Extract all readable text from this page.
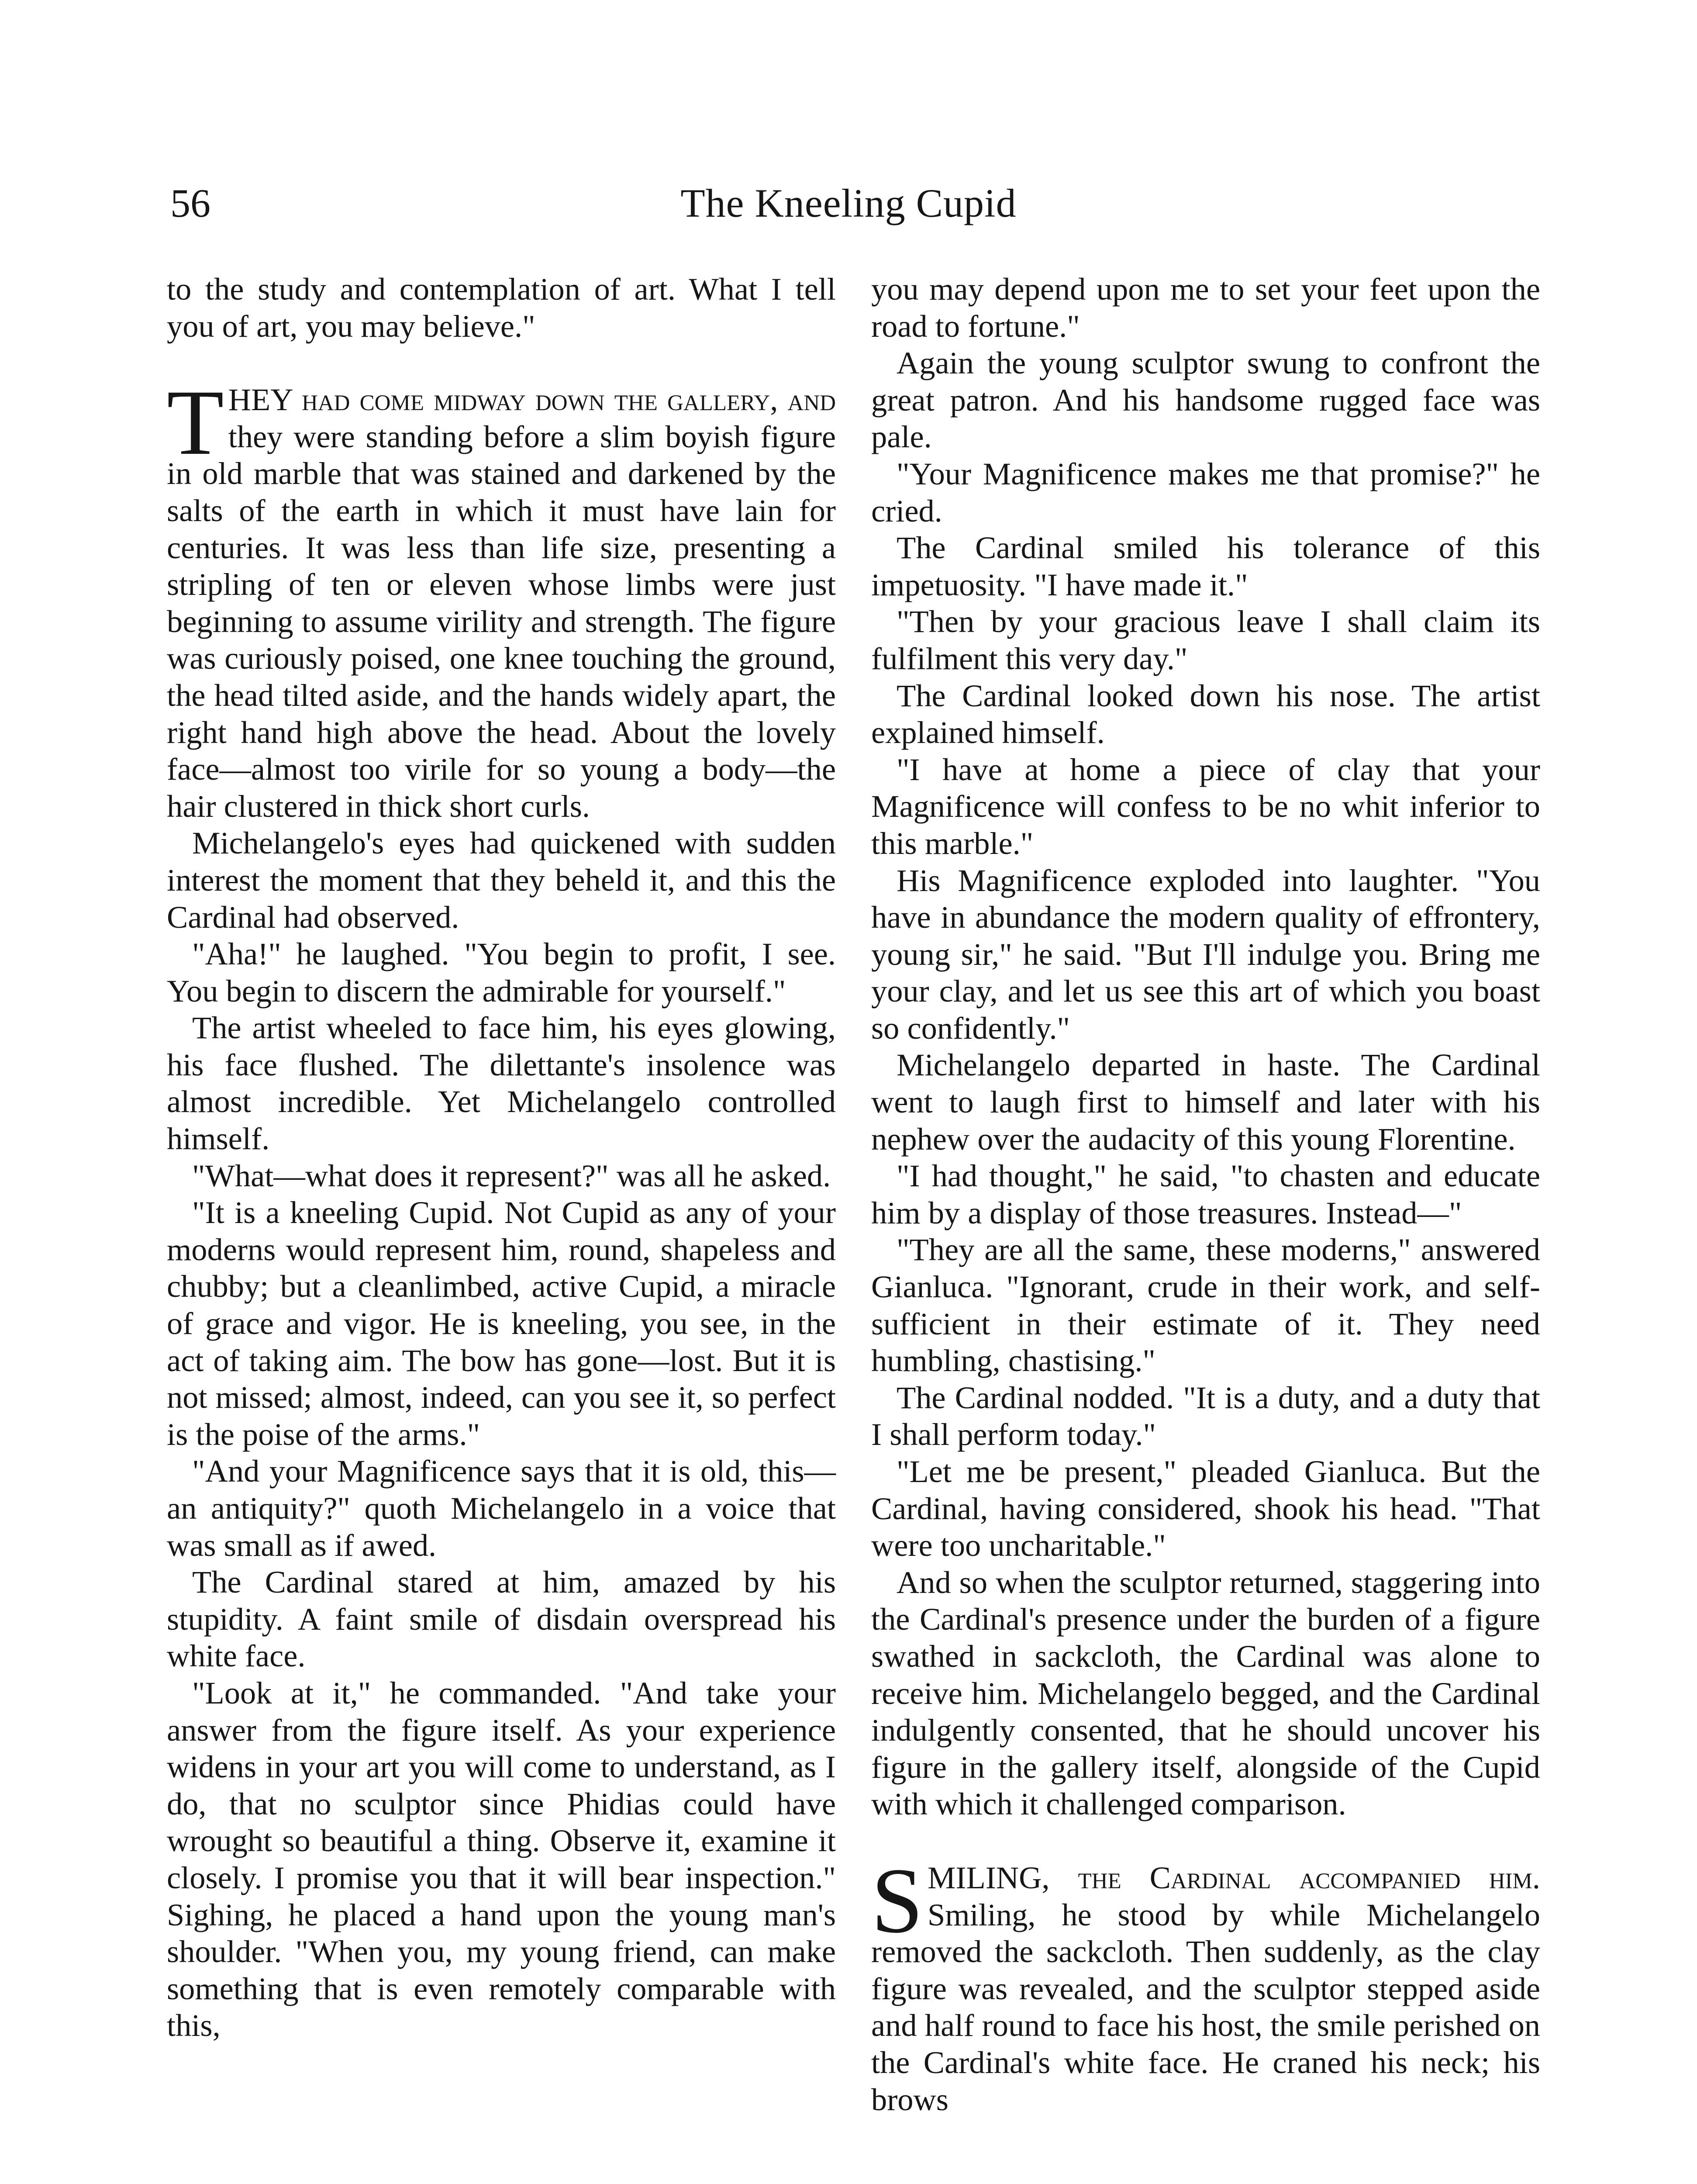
56	The Kneeling Cupid

to the study and contemplation of art. What I tell you of art, you may believe."

THEY had come midway down the gallery, and they were standing before a slim boyish figure in old marble that was stained and darkened by the salts of the earth in which it must have lain for centuries. It was less than life size, presenting a stripling of ten or eleven whose limbs were just beginning to assume virility and strength. The figure was curiously poised, one knee touching the ground, the head tilted aside, and the hands widely apart, the right hand high above the head. About the lovely face—almost too virile for so young a body—the hair clustered in thick short curls.

Michelangelo's eyes had quickened with sudden interest the moment that they beheld it, and this the Cardinal had observed.

"Aha!" he laughed. "You begin to profit, I see. You begin to discern the admirable for yourself."

The artist wheeled to face him, his eyes glowing, his face flushed. The dilettante's insolence was almost incredible. Yet Michelangelo controlled himself.

"What—what does it represent?" was all he asked.

"It is a kneeling Cupid. Not Cupid as any of your moderns would represent him, round, shapeless and chubby; but a cleanlimbed, active Cupid, a miracle of grace and vigor. He is kneeling, you see, in the act of taking aim. The bow has gone—lost. But it is not missed; almost, indeed, can you see it, so perfect is the poise of the arms."

"And your Magnificence says that it is old, this—an antiquity?" quoth Michelangelo in a voice that was small as if awed.

The Cardinal stared at him, amazed by his stupidity. A faint smile of disdain overspread his white face.

"Look at it," he commanded. "And take your answer from the figure itself. As your experience widens in your art you will come to understand, as I do, that no sculptor since Phidias could have wrought so beautiful a thing. Observe it, examine it closely. I promise you that it will bear inspection." Sighing, he placed a hand upon the young man's shoulder. "When you, my young friend, can make something that is even remotely comparable with this,

you may depend upon me to set your feet upon the road to fortune."

Again the young sculptor swung to confront the great patron. And his handsome rugged face was pale.

"Your Magnificence makes me that promise?" he cried.

The Cardinal smiled his tolerance of this impetuosity. "I have made it."

"Then by your gracious leave I shall claim its fulfilment this very day."

The Cardinal looked down his nose. The artist explained himself.

"I have at home a piece of clay that your Magnificence will confess to be no whit inferior to this marble."

His Magnificence exploded into laughter. "You have in abundance the modern quality of effrontery, young sir," he said. "But I'll indulge you. Bring me your clay, and let us see this art of which you boast so confidently."

Michelangelo departed in haste. The Cardinal went to laugh first to himself and later with his nephew over the audacity of this young Florentine.

"I had thought," he said, "to chasten and educate him by a display of those treasures. Instead—"

"They are all the same, these moderns," answered Gianluca. "Ignorant, crude in their work, and self-sufficient in their estimate of it. They need humbling, chastising."

The Cardinal nodded. "It is a duty, and a duty that I shall perform today."

"Let me be present," pleaded Gianluca. But the Cardinal, having considered, shook his head. "That were too uncharitable."

And so when the sculptor returned, staggering into the Cardinal's presence under the burden of a figure swathed in sackcloth, the Cardinal was alone to receive him. Michelangelo begged, and the Cardinal indulgently consented, that he should uncover his figure in the gallery itself, alongside of the Cupid with which it challenged comparison.

SMILING, the Cardinal accompanied him. Smiling, he stood by while Michelangelo removed the sackcloth. Then suddenly, as the clay figure was revealed, and the sculptor stepped aside and half round to face his host, the smile perished on the Cardinal's white face. He craned his neck; his brows
